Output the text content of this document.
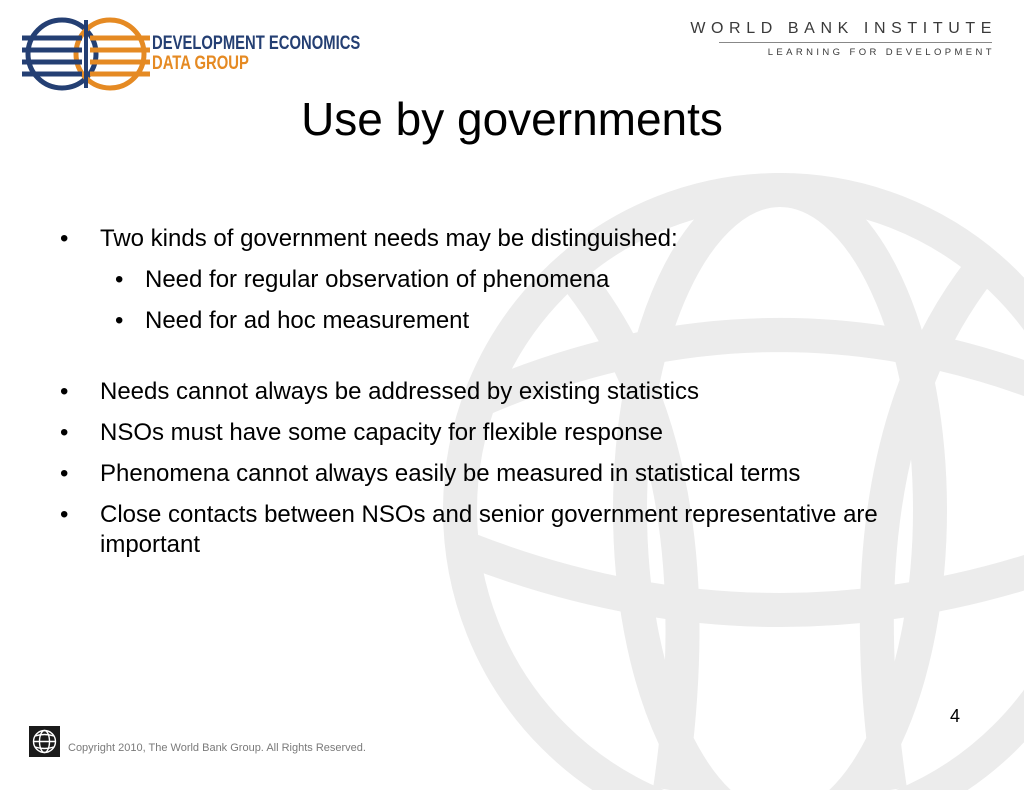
DEVELOPMENT ECONOMICS
DATA GROUP
WORLD BANK INSTITUTE
LEARNING FOR DEVELOPMENT
Use by governments
• Two kinds of government needs may be distinguished:
• Need for regular observation of phenomena
• Need for ad hoc measurement
• Needs cannot always be addressed by existing statistics
• NSOs must have some capacity for flexible response
• Phenomena cannot always easily be measured in statistical terms
• Close contacts between NSOs and senior government representative are important
Copyright 2010, The World Bank Group. All Rights Reserved.
4
